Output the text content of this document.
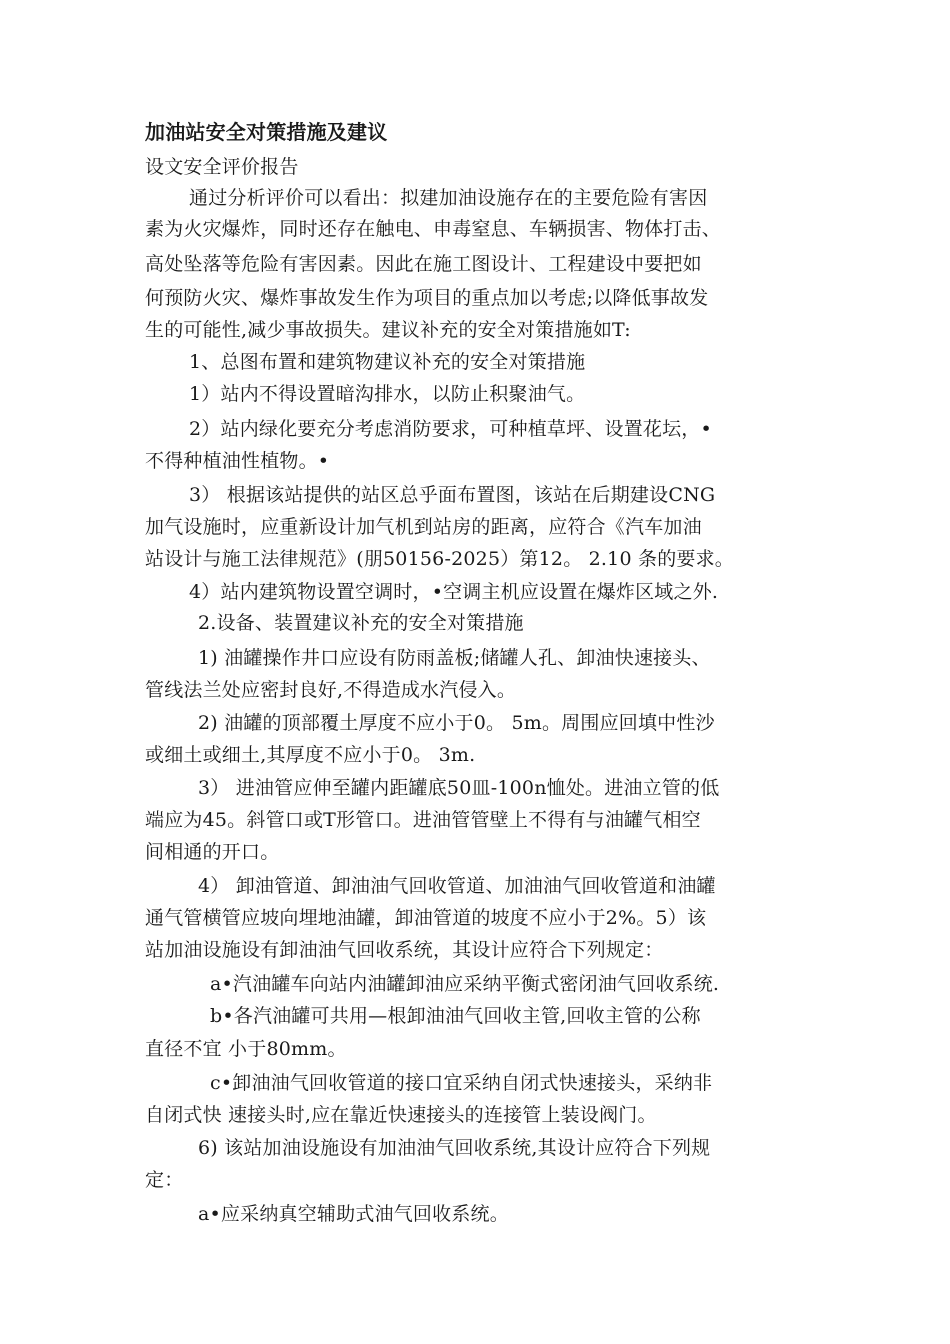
加油站安全对策措施及建议

设文安全评价报告

通过分析评价可以看出：拟建加油设施存在的主要危险有害因

素为火灾爆炸，同时还存在触电、申毒窒息、车辆损害、物体打击、

高处坠落等危险有害因素。因此在施工图设计、工程建设中要把如

何预防火灾、爆炸事故发生作为项目的重点加以考虑;以降低事故发

生的可能性,减少事故损失。建议补充的安全对策措施如T:

1、总图布置和建筑物建议补充的安全对策措施

1）站内不得设置暗沟排水，以防止积聚油气。

2）站内绿化要充分考虑消防要求，可种植草坪、设置花坛，•

不得种植油性植物。•

3） 根据该站提供的站区总乎面布置图，该站在后期建设CNG

加气设施时，应重新设计加气机到站房的距离，应符合《汽车加油

站设计与施工法律规范》(朋50156-2025）第12。 2.10 条的要求。

4）站内建筑物设置空调时，•空调主机应设置在爆炸区域之外.

2.设备、装置建议补充的安全对策措施

1) 油罐操作井口应设有防雨盖板;储罐人孔、卸油快速接头、

管线法兰处应密封良好,不得造成水汽侵入。

2) 油罐的顶部覆土厚度不应小于0。 5m。周围应回填中性沙

或细土或细土,其厚度不应小于0。 3m.

3） 进油管应伸至罐内距罐底50皿-100n恤处。进油立管的低

端应为45。斜管口或T形管口。进油管管壁上不得有与油罐气相空

间相通的开口。

4） 卸油管道、卸油油气回收管道、加油油气回收管道和油罐

通气管横管应坡向埋地油罐，卸油管道的坡度不应小于2%。5）该

站加油设施设有卸油油气回收系统，其设计应符合下列规定：

a•汽油罐车向站内油罐卸油应采纳平衡式密闭油气回收系统.

b•各汽油罐可共用—根卸油油气回收主管,回收主管的公称

直径不宜 小于80mm。

c•卸油油气回收管道的接口宜采纳自闭式快速接头，采纳非

自闭式快 速接头时,应在靠近快速接头的连接管上装设阀门。

6) 该站加油设施设有加油油气回收系统,其设计应符合下列规

定：

a•应采纳真空辅助式油气回收系统。
